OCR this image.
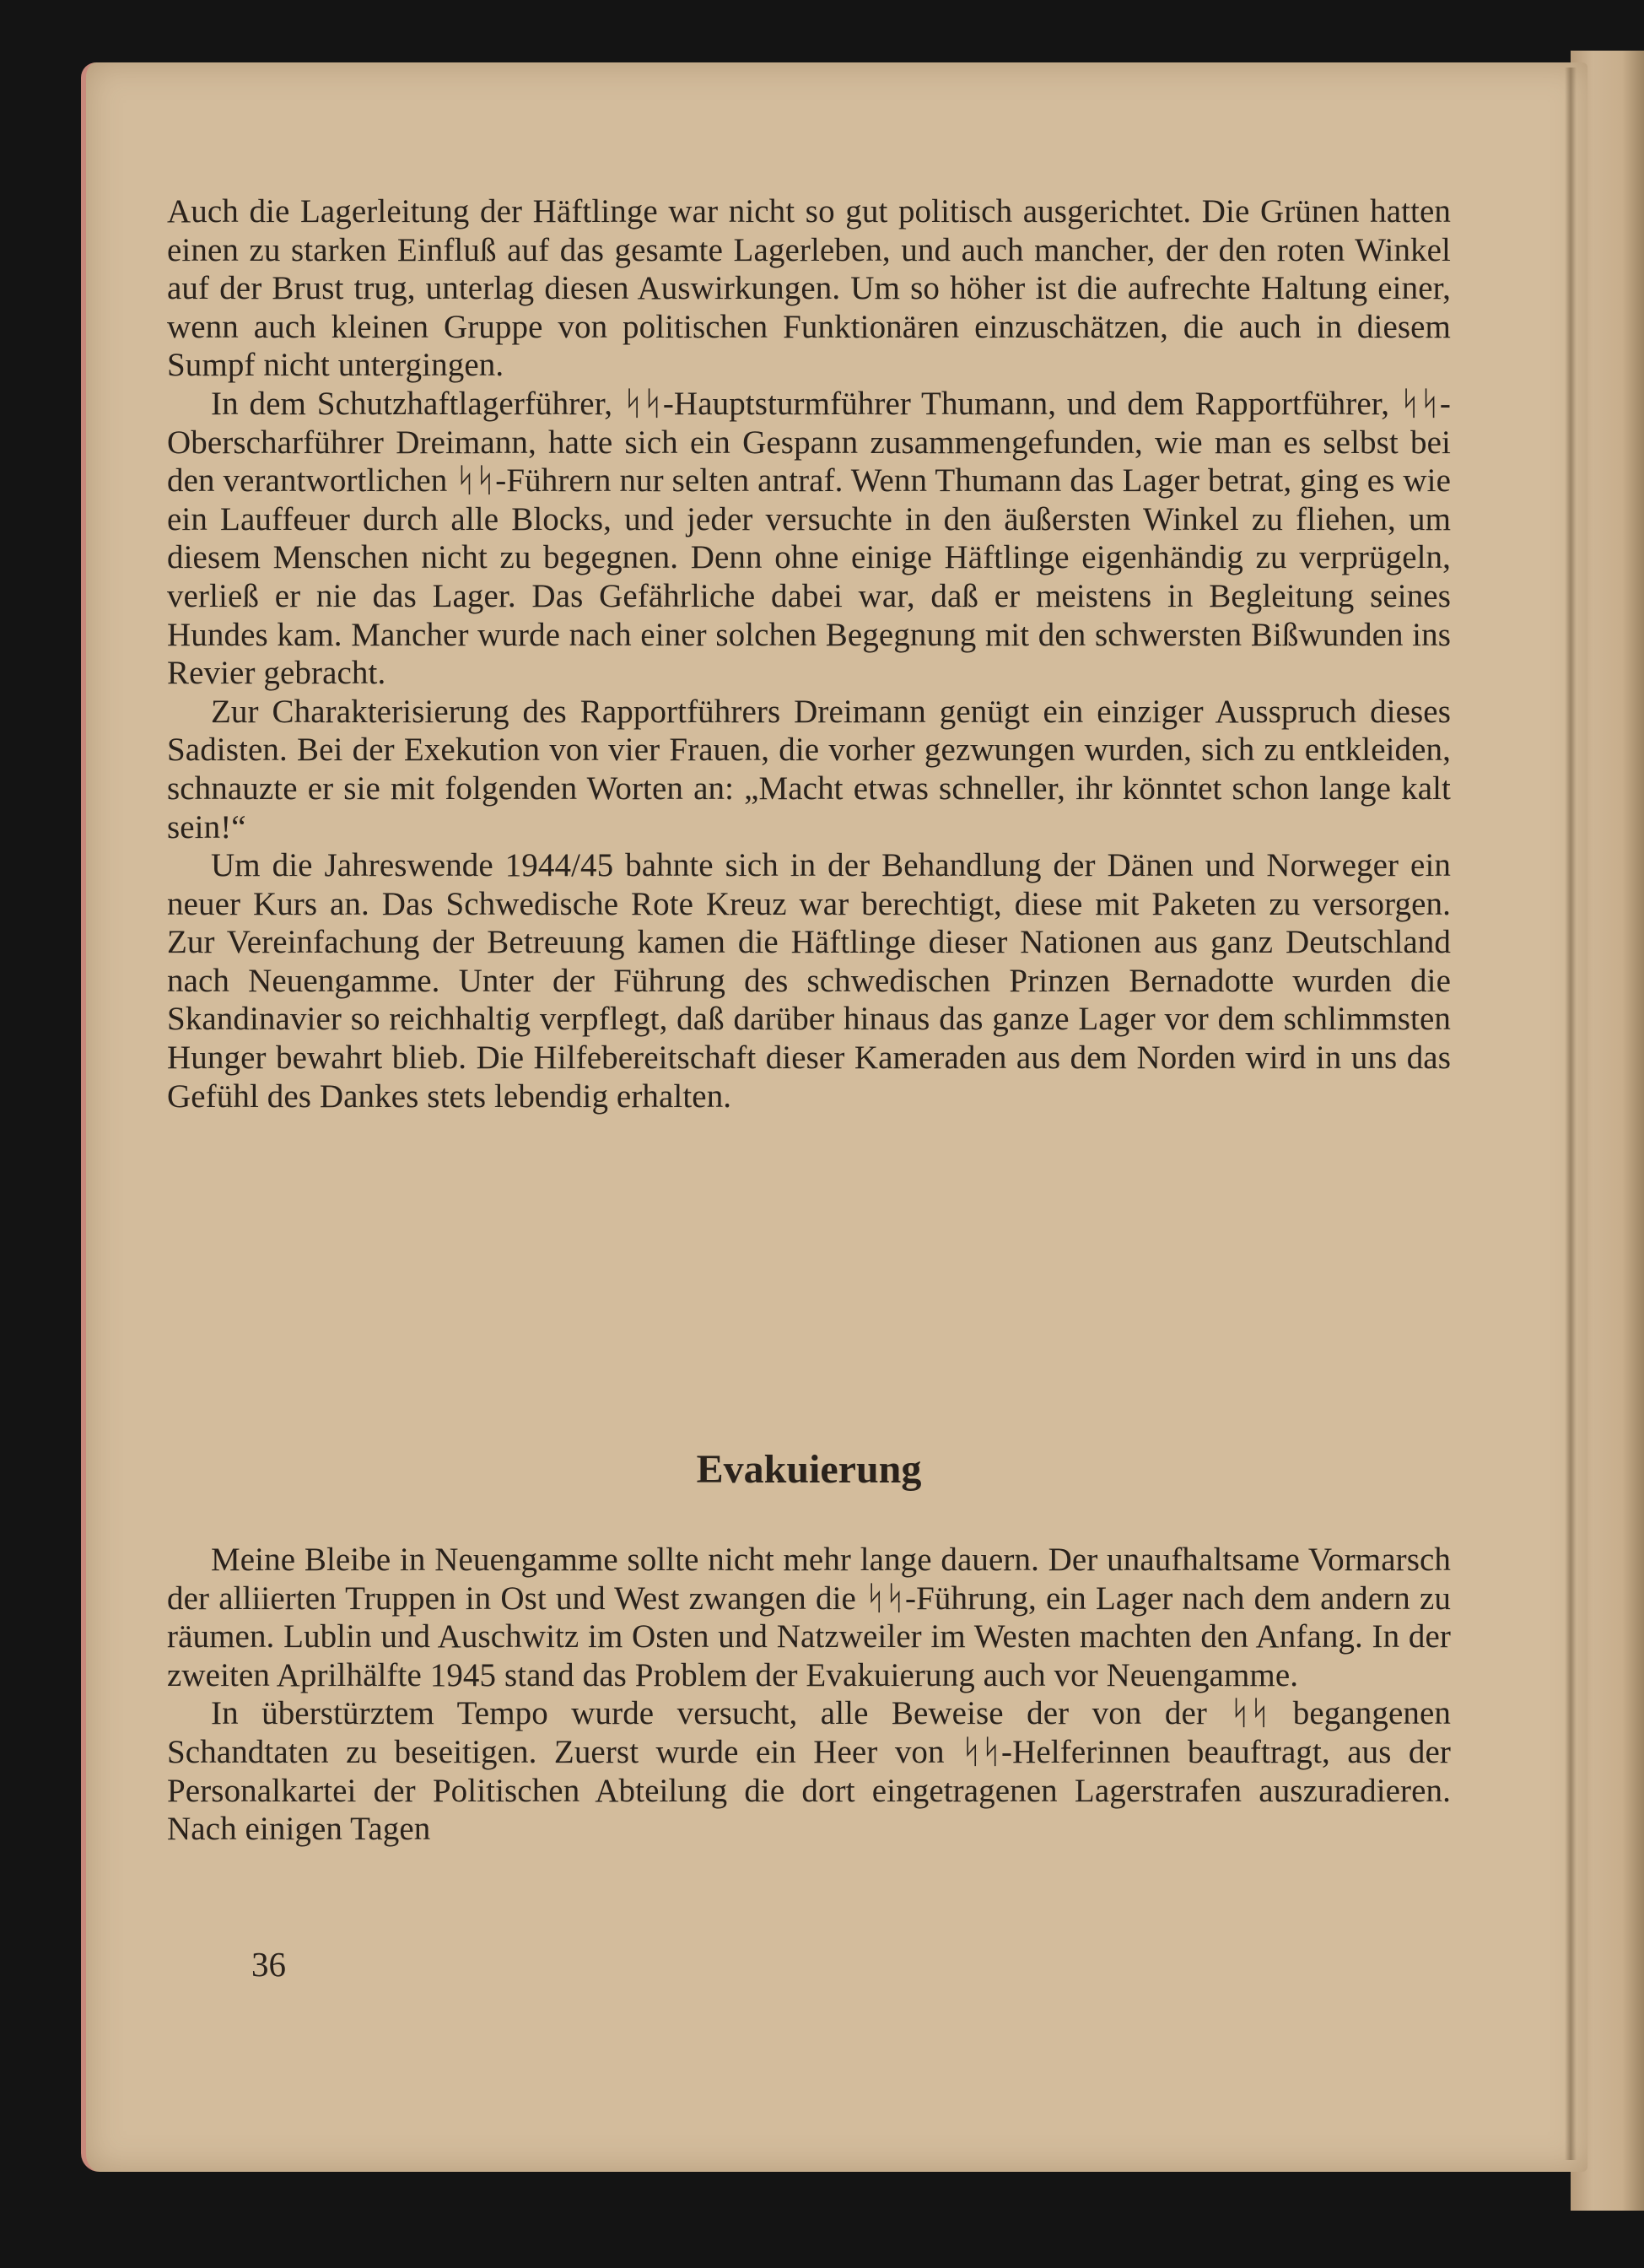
Auch die Lagerleitung der Häftlinge war nicht so gut politisch ausgerichtet. Die Grünen hatten einen zu starken Einfluß auf das gesamte Lagerleben, und auch mancher, der den roten Winkel auf der Brust trug, unterlag diesen Auswirkungen. Um so höher ist die aufrechte Haltung einer, wenn auch kleinen Gruppe von politischen Funktionären einzuschätzen, die auch in diesem Sumpf nicht untergingen.

In dem Schutzhaftlagerführer, ᛋᛋ-Hauptsturmführer Thumann, und dem Rapportführer, ᛋᛋ-Oberscharführer Dreimann, hatte sich ein Gespann zusammengefunden, wie man es selbst bei den verantwortlichen ᛋᛋ-Führern nur selten antraf. Wenn Thumann das Lager betrat, ging es wie ein Lauffeuer durch alle Blocks, und jeder versuchte in den äußersten Winkel zu fliehen, um diesem Menschen nicht zu begegnen. Denn ohne einige Häftlinge eigenhändig zu verprügeln, verließ er nie das Lager. Das Gefährliche dabei war, daß er meistens in Begleitung seines Hundes kam. Mancher wurde nach einer solchen Begegnung mit den schwersten Bißwunden ins Revier gebracht.

Zur Charakterisierung des Rapportführers Dreimann genügt ein einziger Ausspruch dieses Sadisten. Bei der Exekution von vier Frauen, die vorher gezwungen wurden, sich zu entkleiden, schnauzte er sie mit folgenden Worten an: „Macht etwas schneller, ihr könntet schon lange kalt sein!“

Um die Jahreswende 1944/45 bahnte sich in der Behandlung der Dänen und Norweger ein neuer Kurs an. Das Schwedische Rote Kreuz war berechtigt, diese mit Paketen zu versorgen. Zur Vereinfachung der Betreuung kamen die Häftlinge dieser Nationen aus ganz Deutschland nach Neuengamme. Unter der Führung des schwedischen Prinzen Bernadotte wurden die Skandinavier so reichhaltig verpflegt, daß darüber hinaus das ganze Lager vor dem schlimmsten Hunger bewahrt blieb. Die Hilfebereitschaft dieser Kameraden aus dem Norden wird in uns das Gefühl des Dankes stets lebendig erhalten.

Evakuierung

Meine Bleibe in Neuengamme sollte nicht mehr lange dauern. Der unaufhaltsame Vormarsch der alliierten Truppen in Ost und West zwangen die ᛋᛋ-Führung, ein Lager nach dem andern zu räumen. Lublin und Auschwitz im Osten und Natzweiler im Westen machten den Anfang. In der zweiten Aprilhälfte 1945 stand das Problem der Evakuierung auch vor Neuengamme.

In überstürztem Tempo wurde versucht, alle Beweise der von der ᛋᛋ begangenen Schandtaten zu beseitigen. Zuerst wurde ein Heer von ᛋᛋ-Helferinnen beauftragt, aus der Personalkartei der Politischen Abteilung die dort eingetragenen Lagerstrafen auszuradieren. Nach einigen Tagen

36
